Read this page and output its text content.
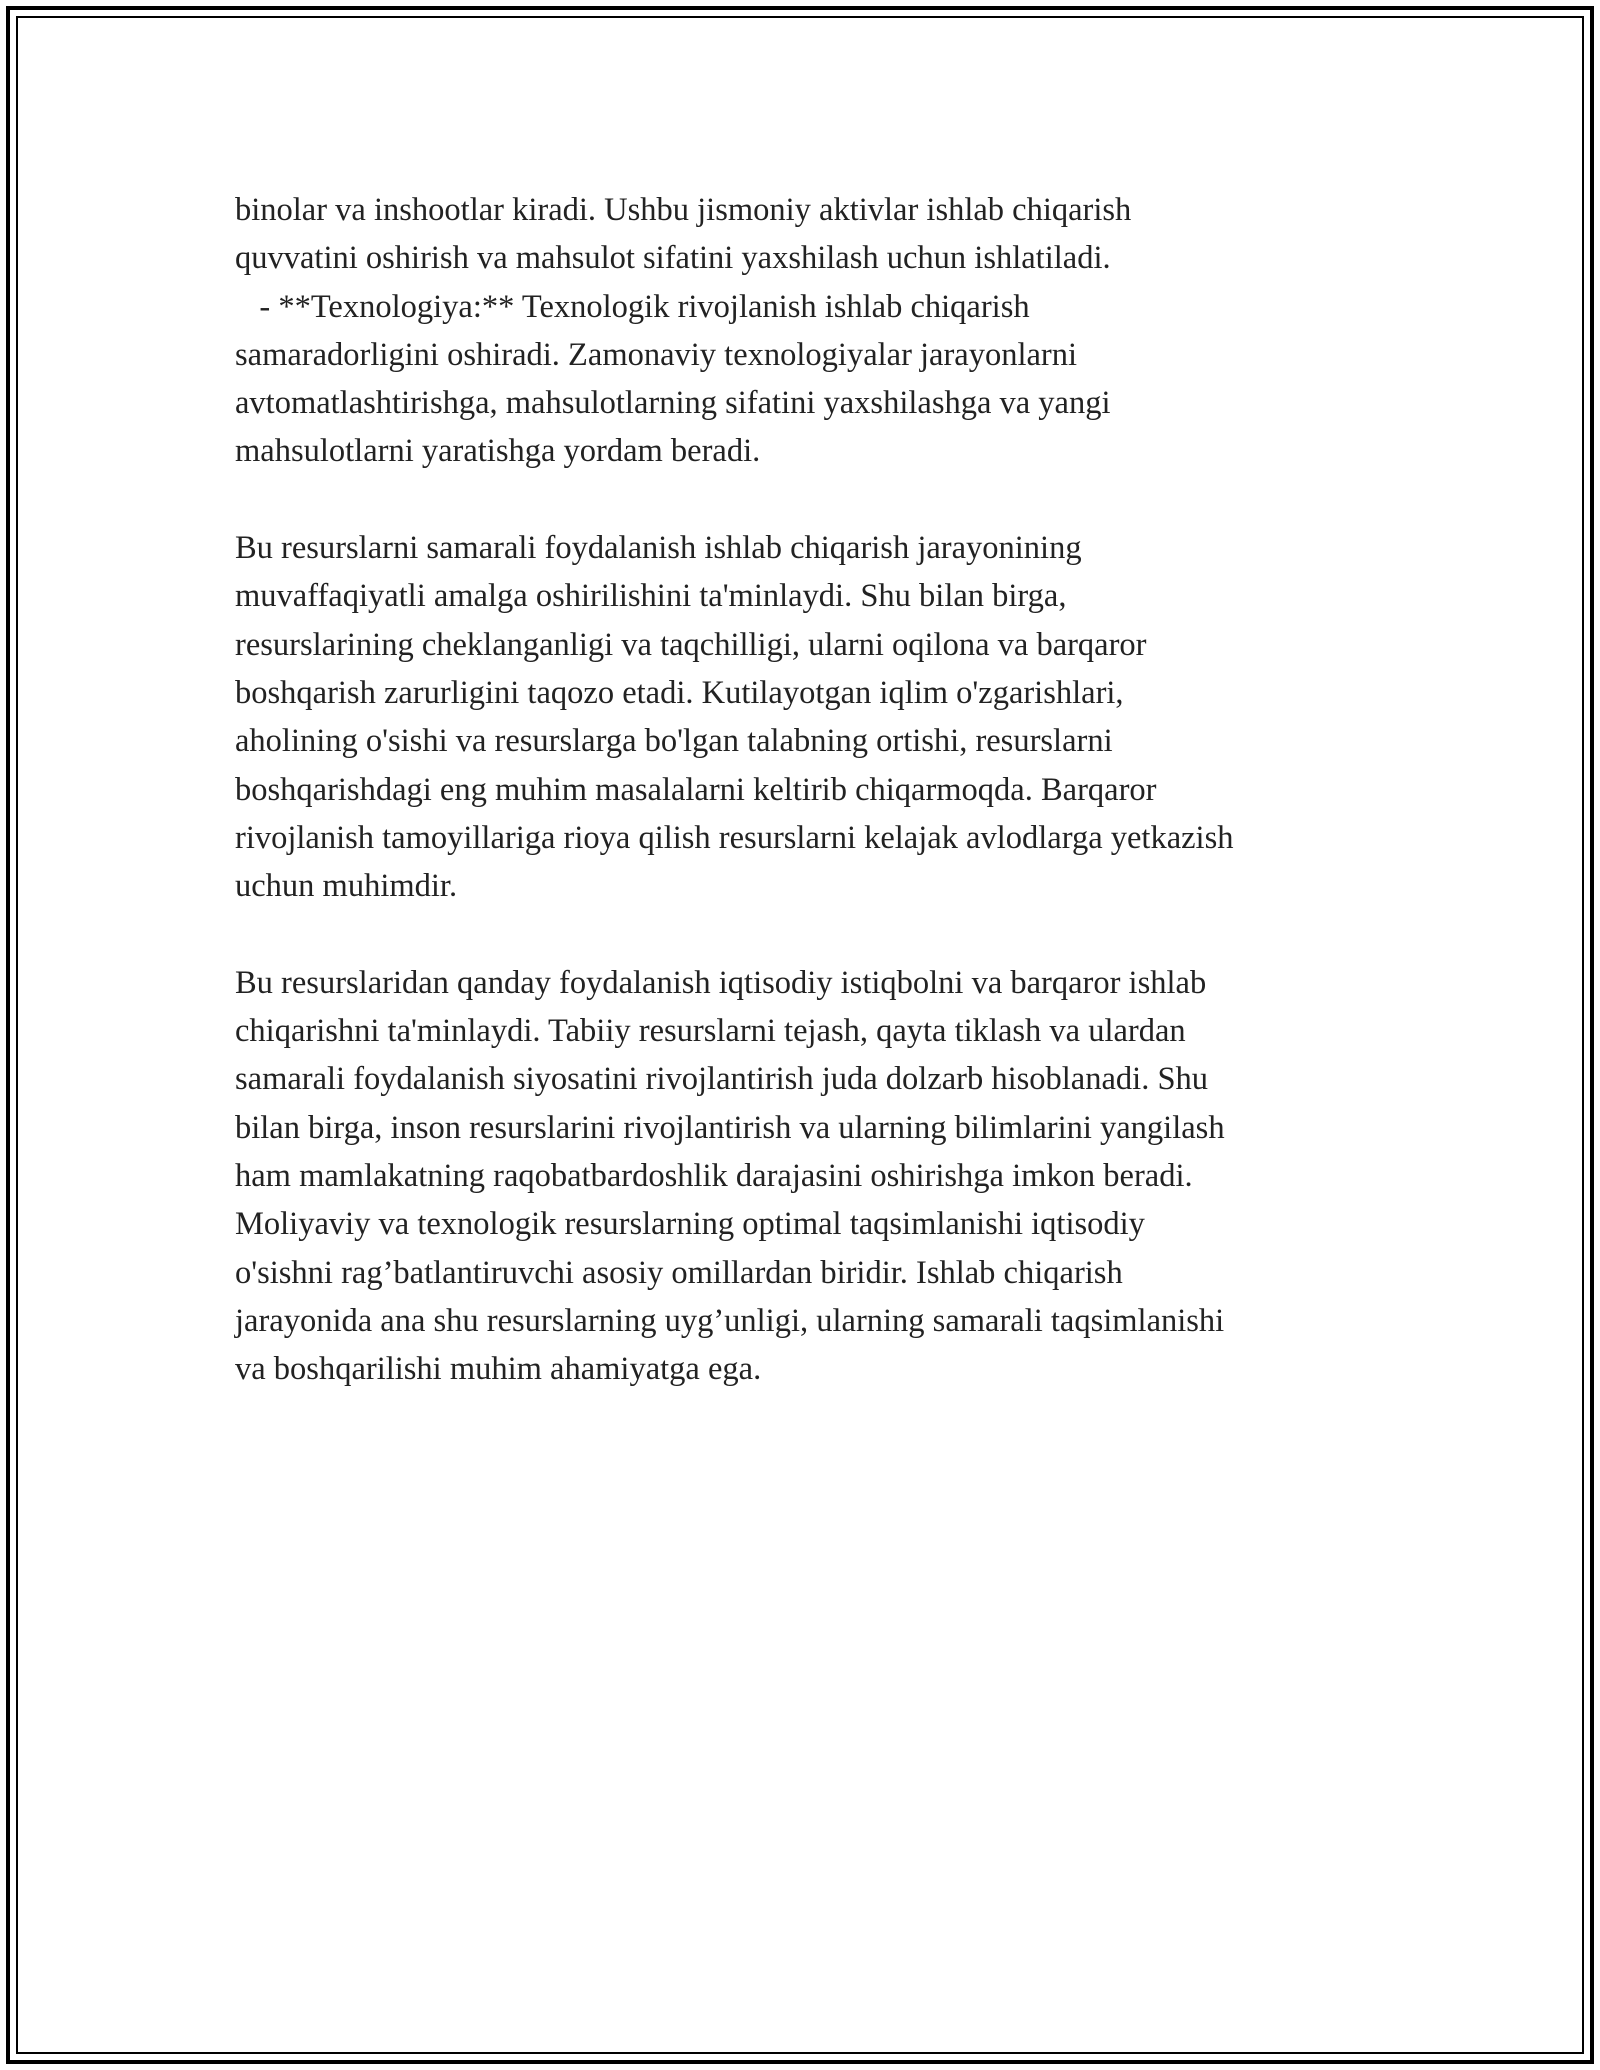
binolar va inshootlar kiradi. Ushbu jismoniy aktivlar ishlab chiqarish
quvvatini oshirish va mahsulot sifatini yaxshilash uchun ishlatiladi.
- **Texnologiya:** Texnologik rivojlanish ishlab chiqarish
samaradorligini oshiradi. Zamonaviy texnologiyalar jarayonlarni
avtomatlashtirishga, mahsulotlarning sifatini yaxshilashga va yangi
mahsulotlarni yaratishga yordam beradi.

Bu resurslarni samarali foydalanish ishlab chiqarish jarayonining
muvaffaqiyatli amalga oshirilishini ta'minlaydi. Shu bilan birga,
resurslarining cheklanganligi va taqchilligi, ularni oqilona va barqaror
boshqarish zarurligini taqozo etadi. Kutilayotgan iqlim o'zgarishlari,
aholining o'sishi va resurslarga bo'lgan talabning ortishi, resurslarni
boshqarishdagi eng muhim masalalarni keltirib chiqarmoqda. Barqaror
rivojlanish tamoyillariga rioya qilish resurslarni kelajak avlodlarga yetkazish
uchun muhimdir.

Bu resurslaridan qanday foydalanish iqtisodiy istiqbolni va barqaror ishlab
chiqarishni ta'minlaydi. Tabiiy resurslarni tejash, qayta tiklash va ulardan
samarali foydalanish siyosatini rivojlantirish juda dolzarb hisoblanadi. Shu
bilan birga, inson resurslarini rivojlantirish va ularning bilimlarini yangilash
ham mamlakatning raqobatbardoshlik darajasini oshirishga imkon beradi.
Moliyaviy va texnologik resurslarning optimal taqsimlanishi iqtisodiy
o'sishni rag’batlantiruvchi asosiy omillardan biridir. Ishlab chiqarish
jarayonida ana shu resurslarning uyg’unligi, ularning samarali taqsimlanishi
va boshqarilishi muhim ahamiyatga ega.
